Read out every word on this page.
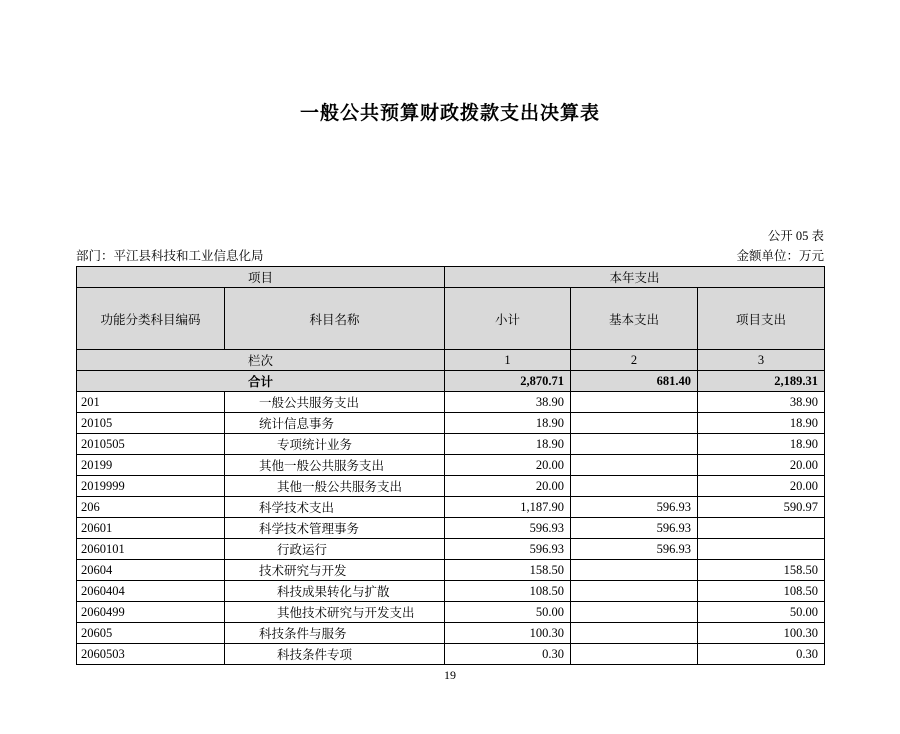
一般公共预算财政拨款支出决算表
公开 05 表
部门：平江县科技和工业信息化局	金额单位：万元
项目		本年支出		
功能分类科目编码	科目名称	小计	基本支出	项目支出
栏次		1	2	3
合计		2,870.71	681.40	2,189.31
201	一般公共服务支出	38.90		38.90
20105	统计信息事务	18.90		18.90
2010505	专项统计业务	18.90		18.90
20199	其他一般公共服务支出	20.00		20.00
2019999	其他一般公共服务支出	20.00		20.00
206	科学技术支出	1,187.90	596.93	590.97
20601	科学技术管理事务	596.93	596.93	
2060101	行政运行	596.93	596.93	
20604	技术研究与开发	158.50		158.50
2060404	科技成果转化与扩散	108.50		108.50
2060499	其他技术研究与开发支出	50.00		50.00
20605	科技条件与服务	100.30		100.30
2060503	科技条件专项	0.30		0.30
19
